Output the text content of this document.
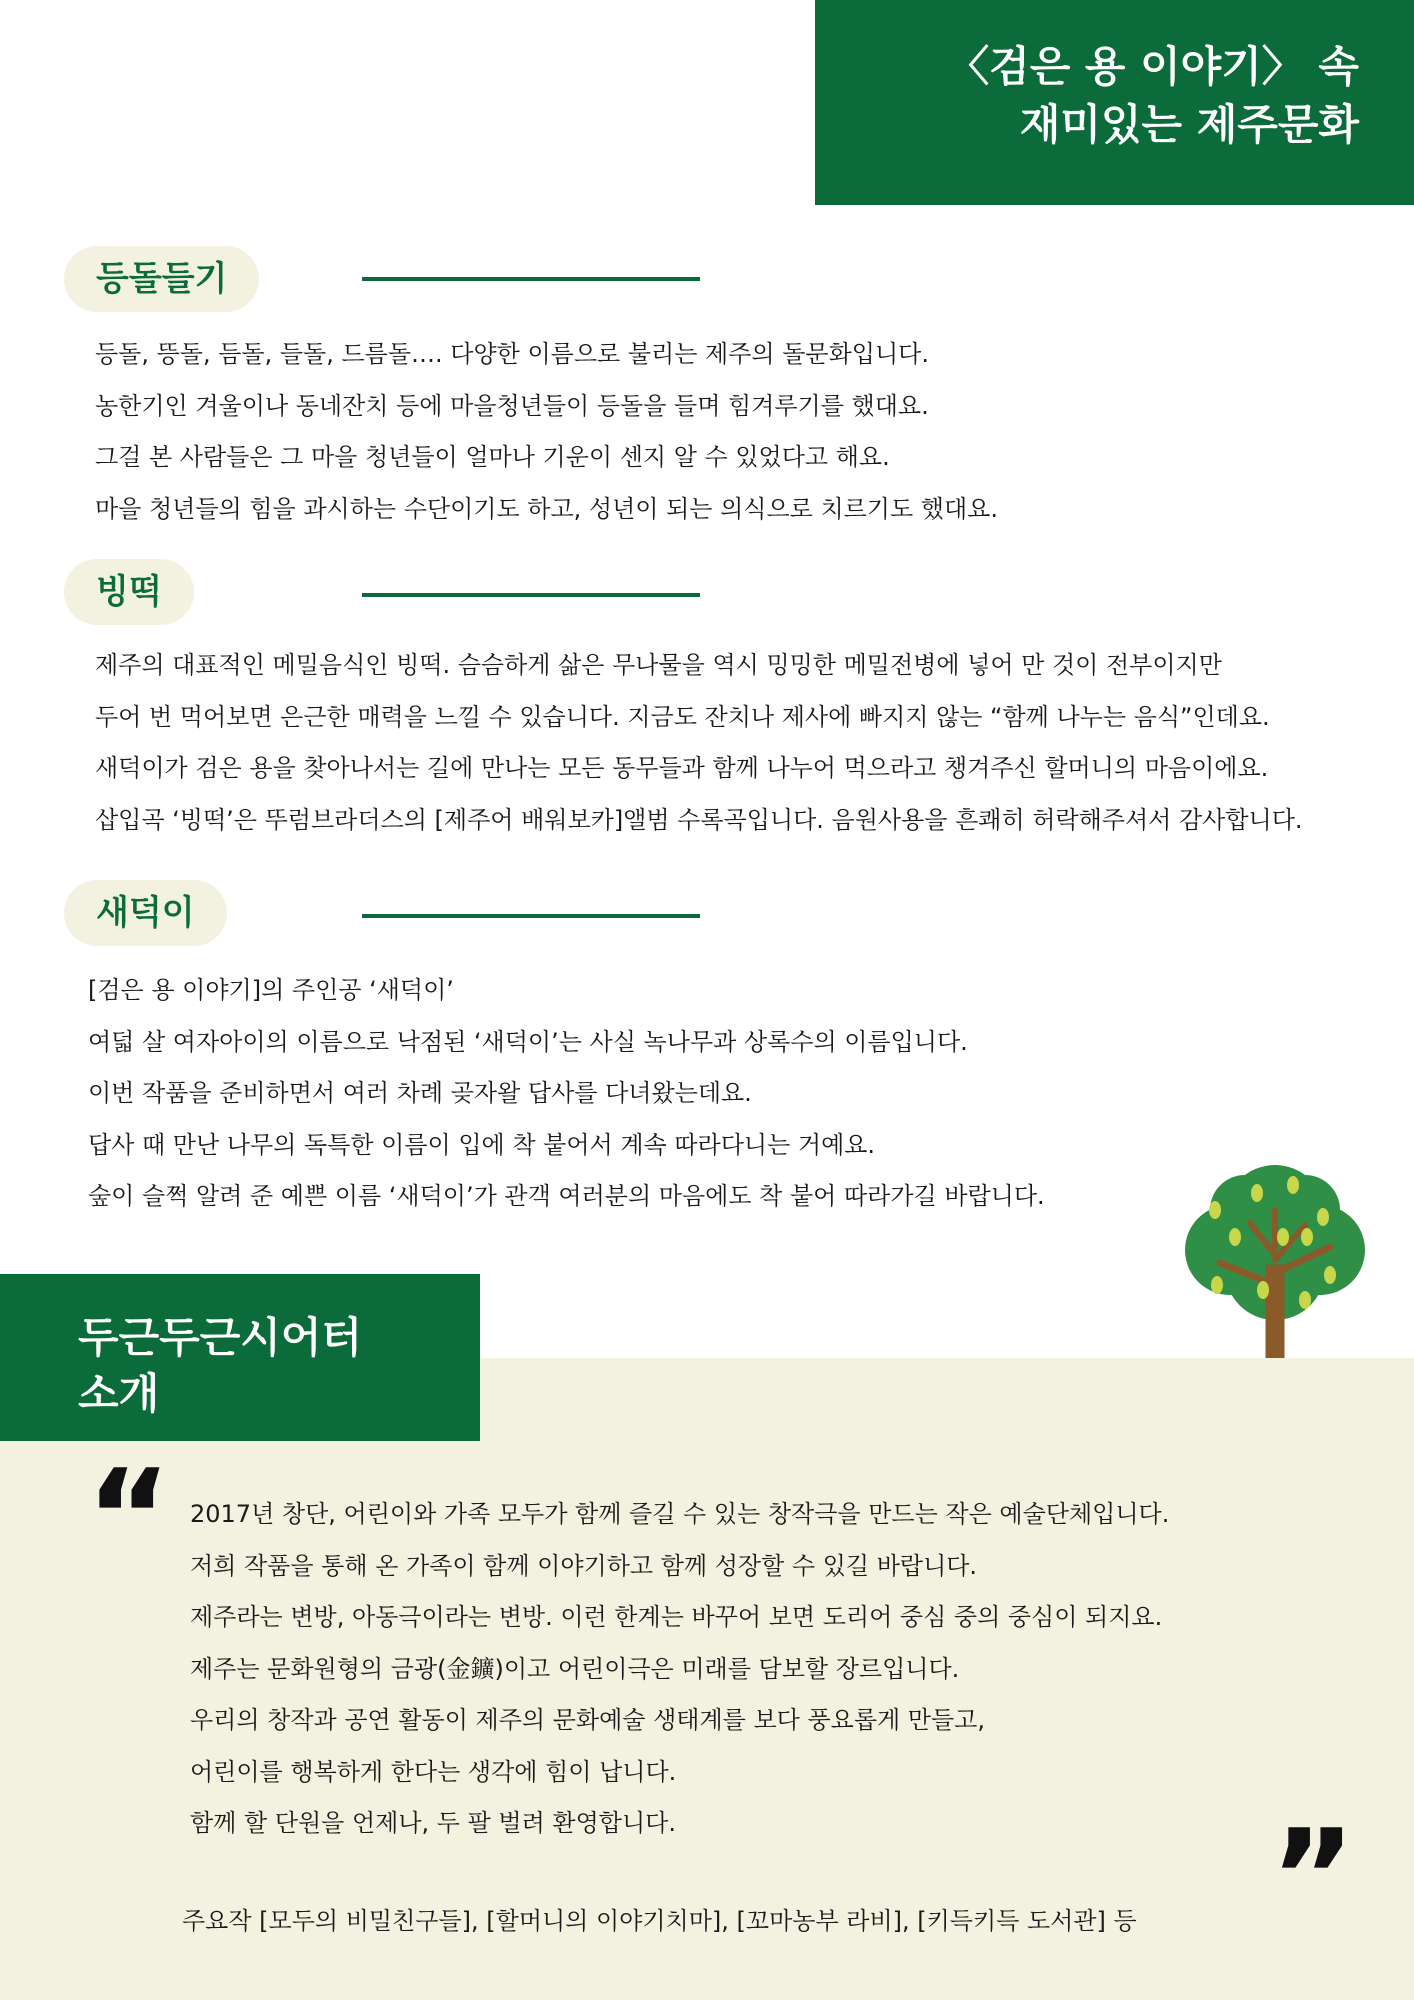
〈검은 용 이야기〉 속
재미있는 제주문화
등돌들기
등돌, 뜽돌, 듬돌, 들돌, 드름돌…. 다양한 이름으로 불리는 제주의 돌문화입니다.
농한기인 겨울이나 동네잔치 등에 마을청년들이 등돌을 들며 힘겨루기를 했대요.
그걸 본 사람들은 그 마을 청년들이 얼마나 기운이 센지 알 수 있었다고 해요.
마을 청년들의 힘을 과시하는 수단이기도 하고, 성년이 되는 의식으로 치르기도 했대요.
빙떡
제주의 대표적인 메밀음식인 빙떡. 슴슴하게 삶은 무나물을 역시 밍밍한 메밀전병에 넣어 만 것이 전부이지만
두어 번 먹어보면 은근한 매력을 느낄 수 있습니다. 지금도 잔치나 제사에 빠지지 않는 “함께 나누는 음식”인데요.
새덕이가 검은 용을 찾아나서는 길에 만나는 모든 동무들과 함께 나누어 먹으라고 챙겨주신 할머니의 마음이에요.
삽입곡 ‘빙떡’은 뚜럼브라더스의 [제주어 배워보카]앨범 수록곡입니다. 음원사용을 흔쾌히 허락해주셔서 감사합니다.
새덕이
[검은 용 이야기]의 주인공 ‘새덕이’
여덟 살 여자아이의 이름으로 낙점된 ‘새덕이’는 사실 녹나무과 상록수의 이름입니다.
이번 작품을 준비하면서 여러 차례 곶자왈 답사를 다녀왔는데요.
답사 때 만난 나무의 독특한 이름이 입에 착 붙어서 계속 따라다니는 거예요.
숲이 슬쩍 알려 준 예쁜 이름 ‘새덕이’가 관객 여러분의 마음에도 착 붙어 따라가길 바랍니다.
두근두근시어터
소개
“ 2017년 창단, 어린이와 가족 모두가 함께 즐길 수 있는 창작극을 만드는 작은 예술단체입니다.
저희 작품을 통해 온 가족이 함께 이야기하고 함께 성장할 수 있길 바랍니다.
제주라는 변방, 아동극이라는 변방. 이런 한계는 바꾸어 보면 도리어 중심 중의 중심이 되지요.
제주는 문화원형의 금광(金鑛)이고 어린이극은 미래를 담보할 장르입니다.
우리의 창작과 공연 활동이 제주의 문화예술 생태계를 보다 풍요롭게 만들고,
어린이를 행복하게 한다는 생각에 힘이 납니다.
함께 할 단원을 언제나, 두 팔 벌려 환영합니다.	”
주요작 [모두의 비밀친구들], [할머니의 이야기치마], [꼬마농부 라비], [키득키득 도서관] 등
